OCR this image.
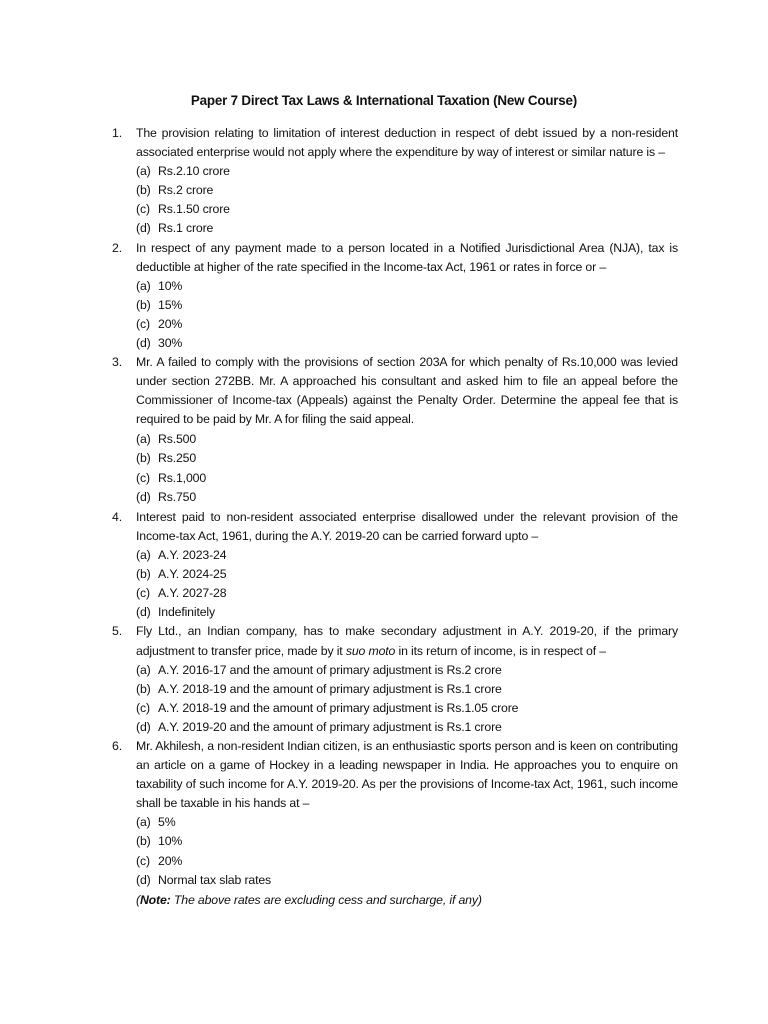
Paper 7 Direct Tax Laws & International Taxation (New Course)
1. The provision relating to limitation of interest deduction in respect of debt issued by a non-resident associated enterprise would not apply where the expenditure by way of interest or similar nature is –
(a) Rs.2.10 crore
(b) Rs.2 crore
(c) Rs.1.50 crore
(d) Rs.1 crore
2. In respect of any payment made to a person located in a Notified Jurisdictional Area (NJA), tax is deductible at higher of the rate specified in the Income-tax Act, 1961 or rates in force or –
(a) 10%
(b) 15%
(c) 20%
(d) 30%
3. Mr. A failed to comply with the provisions of section 203A for which penalty of Rs.10,000 was levied under section 272BB. Mr. A approached his consultant and asked him to file an appeal before the Commissioner of Income-tax (Appeals) against the Penalty Order. Determine the appeal fee that is required to be paid by Mr. A for filing the said appeal.
(a) Rs.500
(b) Rs.250
(c) Rs.1,000
(d) Rs.750
4. Interest paid to non-resident associated enterprise disallowed under the relevant provision of the Income-tax Act, 1961, during the A.Y. 2019-20 can be carried forward upto –
(a) A.Y. 2023-24
(b) A.Y. 2024-25
(c) A.Y. 2027-28
(d) Indefinitely
5. Fly Ltd., an Indian company, has to make secondary adjustment in A.Y. 2019-20, if the primary adjustment to transfer price, made by it suo moto in its return of income, is in respect of –
(a) A.Y. 2016-17 and the amount of primary adjustment is Rs.2 crore
(b) A.Y. 2018-19 and the amount of primary adjustment is Rs.1 crore
(c) A.Y. 2018-19 and the amount of primary adjustment is Rs.1.05 crore
(d) A.Y. 2019-20 and the amount of primary adjustment is Rs.1 crore
6. Mr. Akhilesh, a non-resident Indian citizen, is an enthusiastic sports person and is keen on contributing an article on a game of Hockey in a leading newspaper in India. He approaches you to enquire on taxability of such income for A.Y. 2019-20. As per the provisions of Income-tax Act, 1961, such income shall be taxable in his hands at –
(a) 5%
(b) 10%
(c) 20%
(d) Normal tax slab rates
(Note: The above rates are excluding cess and surcharge, if any)
